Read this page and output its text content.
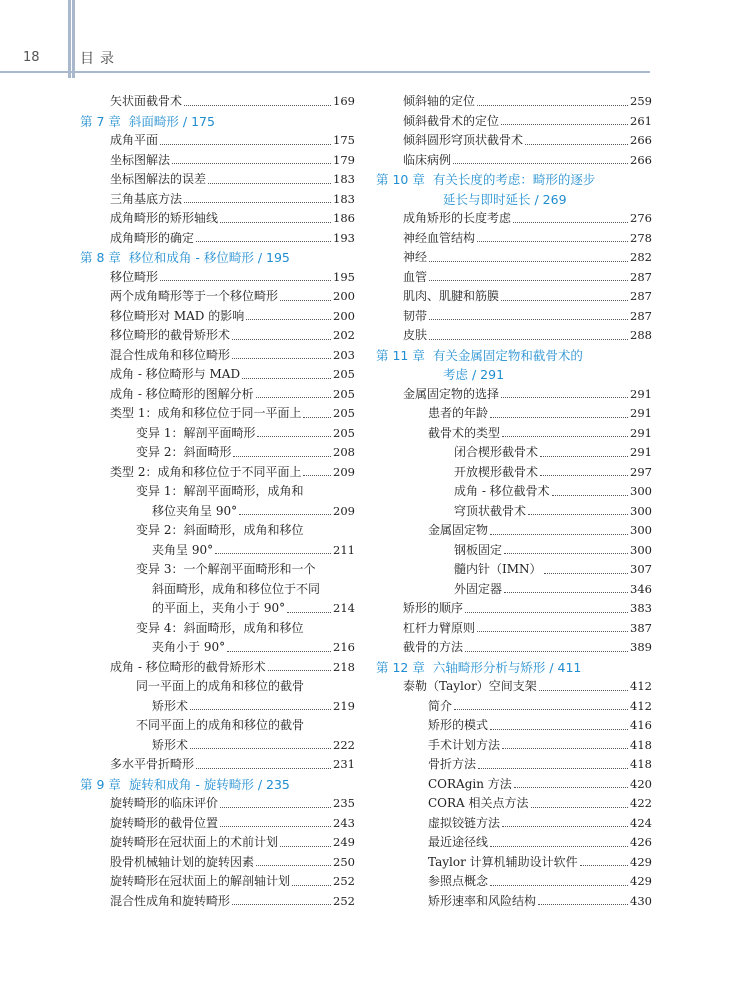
18	目录
矢状面截骨术	169
第 7 章 斜面畸形 / 175
成角平面	175
坐标图解法	179
坐标图解法的误差	183
三角基底方法	183
成角畸形的矫形轴线	186
成角畸形的确定	193
第 8 章 移位和成角 - 移位畸形 / 195
移位畸形	195
两个成角畸形等于一个移位畸形	200
移位畸形对 MAD 的影响	200
移位畸形的截骨矫形术	202
混合性成角和移位畸形	203
成角 - 移位畸形与 MAD	205
成角 - 移位畸形的图解分析	205
类型 1：成角和移位位于同一平面上	205
变异 1：解剖平面畸形	205
变异 2：斜面畸形	208
类型 2：成角和移位位于不同平面上	209
变异 1：解剖平面畸形，成角和
移位夹角呈 90°	209
变异 2：斜面畸形，成角和移位
夹角呈 90°	211
变异 3：一个解剖平面畸形和一个
斜面畸形，成角和移位位于不同
的平面上，夹角小于 90°	214
变异 4：斜面畸形，成角和移位
夹角小于 90°	216
成角 - 移位畸形的截骨矫形术	218
同一平面上的成角和移位的截骨
矫形术	219
不同平面上的成角和移位的截骨
矫形术	222
多水平骨折畸形	231
第 9 章 旋转和成角 - 旋转畸形 / 235
旋转畸形的临床评价	235
旋转畸形的截骨位置	243
旋转畸形在冠状面上的术前计划	249
股骨机械轴计划的旋转因素	250
旋转畸形在冠状面上的解剖轴计划	252
混合性成角和旋转畸形	252
倾斜轴的定位	259
倾斜截骨术的定位	261
倾斜圆形穹顶状截骨术	266
临床病例	266
第 10 章 有关长度的考虑：畸形的逐步
延长与即时延长 / 269
成角矫形的长度考虑	276
神经血管结构	278
神经	282
血管	287
肌肉、肌腱和筋膜	287
韧带	287
皮肤	288
第 11 章 有关金属固定物和截骨术的
考虑 / 291
金属固定物的选择	291
患者的年龄	291
截骨术的类型	291
闭合楔形截骨术	291
开放楔形截骨术	297
成角 - 移位截骨术	300
穹顶状截骨术	300
金属固定物	300
钢板固定	300
髓内针（IMN）	307
外固定器	346
矫形的顺序	383
杠杆力臂原则	387
截骨的方法	389
第 12 章 六轴畸形分析与矫形 / 411
泰勒（Taylor）空间支架	412
简介	412
矫形的模式	416
手术计划方法	418
骨折方法	418
CORAgin 方法	420
CORA 相关点方法	422
虚拟铰链方法	424
最近途径线	426
Taylor 计算机辅助设计软件	429
参照点概念	429
矫形速率和风险结构	430
